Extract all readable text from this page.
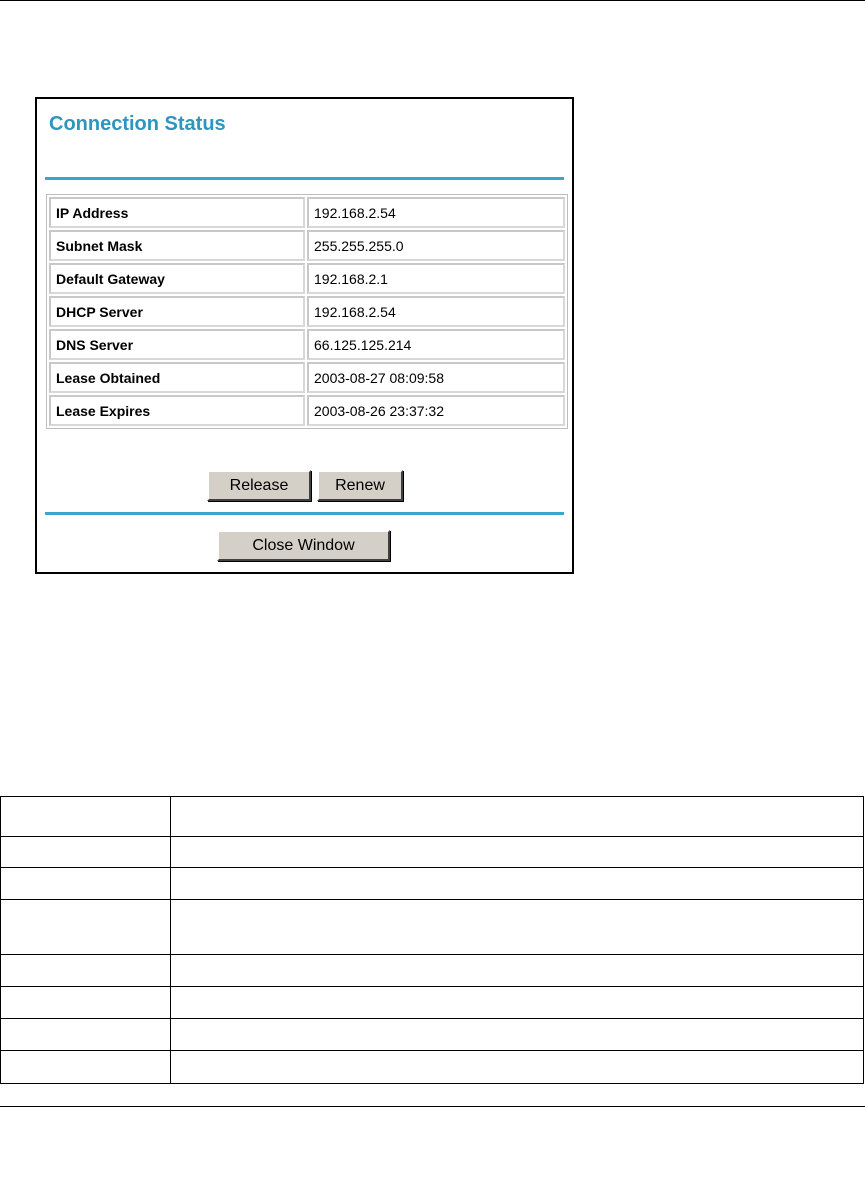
Connection Status
IP Address	192.168.2.54
Subnet Mask	255.255.255.0
Default Gateway	192.168.2.1
DHCP Server	192.168.2.54
DNS Server	66.125.125.214
Lease Obtained	2003-08-27 08:09:58
Lease Expires	2003-08-26 23:37:32
Release	Renew
Close Window
